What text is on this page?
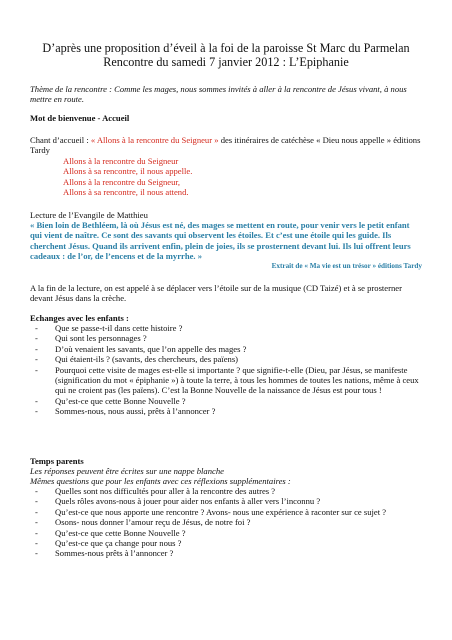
D’après une proposition d’éveil à la foi de la paroisse St Marc du Parmelan
Rencontre du samedi 7 janvier 2012 : L’Epiphanie
Thème de la rencontre : Comme les mages, nous sommes invités à aller à la rencontre de Jésus vivant, à nous mettre en route.
Mot de bienvenue - Accueil
Chant d’accueil : « Allons à la rencontre du Seigneur » des itinéraires de catéchèse « Dieu nous appelle » éditions Tardy
Allons à la rencontre du Seigneur
Allons à sa rencontre, il nous appelle.
Allons à la rencontre du Seigneur,
Allons à sa rencontre, il nous attend.
Lecture de l’Evangile de Matthieu
« Bien loin de Bethléem, là où Jésus est né, des mages se mettent en route, pour venir vers le petit enfant qui vient de naître. Ce sont des savants qui observent les étoiles. Et c’est une étoile qui les guide. Ils cherchent Jésus. Quand ils arrivent enfin, plein de joies, ils se prosternent devant lui. Ils lui offrent leurs cadeaux : de l’or, de l’encens et de la myrrhe. »
Extrait de « Ma vie est un trésor » éditions Tardy
A la fin de la lecture, on est appelé à se déplacer vers l’étoile sur de la musique (CD Taizé) et à se prosterner devant Jésus dans la crèche.
Echanges avec les enfants :
- Que se passe-t-il dans cette histoire ?
- Qui sont les personnages ?
- D’où venaient les savants, que l’on appelle des mages ?
- Qui étaient-ils ? (savants, des chercheurs, des païens)
- Pourquoi cette visite de mages est-elle si importante ? que signifie-t-elle (Dieu, par Jésus, se manifeste (signification du mot « épiphanie ») à toute la terre, à tous les hommes de toutes les nations, même à ceux qui ne croient pas (les païens). C’est la Bonne Nouvelle de la naissance de Jésus est pour tous !
- Qu’est-ce que cette Bonne Nouvelle ?
- Sommes-nous, nous aussi, prêts à l’annoncer ?
Temps parents
Les réponses peuvent être écrites sur une nappe blanche
Mêmes questions que pour les enfants avec ces réflexions supplémentaires :
- Quelles sont nos difficultés pour aller à la rencontre des autres ?
- Quels rôles avons-nous à jouer pour aider nos enfants à aller vers l’inconnu ?
- Qu’est-ce que nous apporte une rencontre ? Avons- nous une expérience à raconter sur ce sujet ?
- Osons- nous donner l’amour reçu de Jésus, de notre foi ?
- Qu’est-ce que cette Bonne Nouvelle ?
- Qu’est-ce que ça change pour nous ?
- Sommes-nous prêts à l’annoncer ?
